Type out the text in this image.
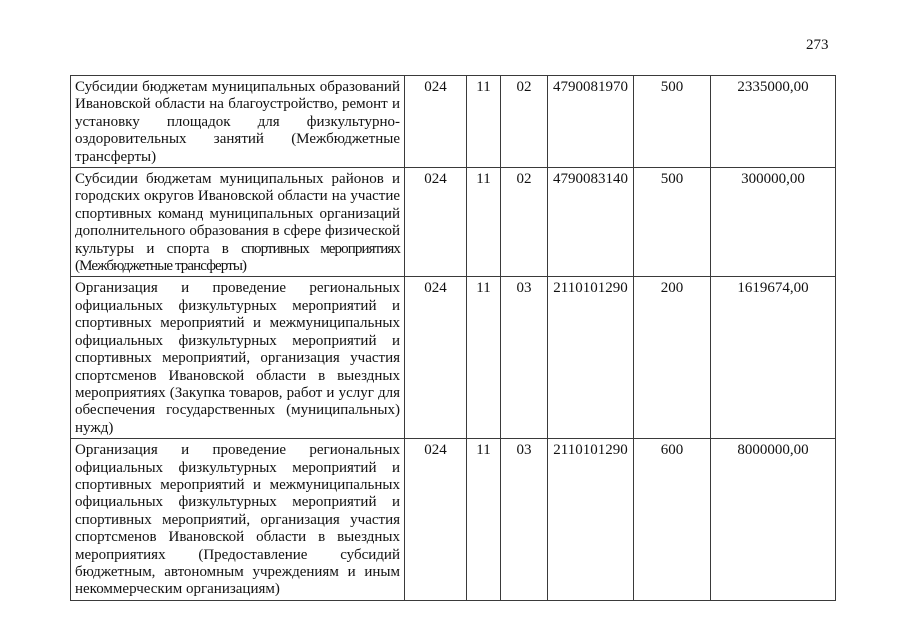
273
Субсидии бюджетам муниципальных образований Ивановской области на благоустройство, ремонт и установку площадок для физкультурно-оздоровительных занятий (Межбюджетные трансферты)	024	11	02	4790081970	500	2335000,00
Субсидии бюджетам муниципальных районов и городских округов Ивановской области на участие спортивных команд муниципальных организаций дополнительного образования в сфере физической культуры и спорта в спортивных мероприятиях (Межбюджетные трансферты)	024	11	02	4790083140	500	300000,00
Организация и проведение региональных официальных физкультурных мероприятий и спортивных мероприятий и межмуниципальных официальных физкультурных мероприятий и спортивных мероприятий, организация участия спортсменов Ивановской области в выездных мероприятиях (Закупка товаров, работ и услуг для обеспечения государственных (муниципальных) нужд)	024	11	03	2110101290	200	1619674,00
Организация и проведение региональных официальных физкультурных мероприятий и спортивных мероприятий и межмуниципальных официальных физкультурных мероприятий и спортивных мероприятий, организация участия спортсменов Ивановской области в выездных мероприятиях (Предоставление субсидий бюджетным, автономным учреждениям и иным некоммерческим организациям)	024	11	03	2110101290	600	8000000,00
